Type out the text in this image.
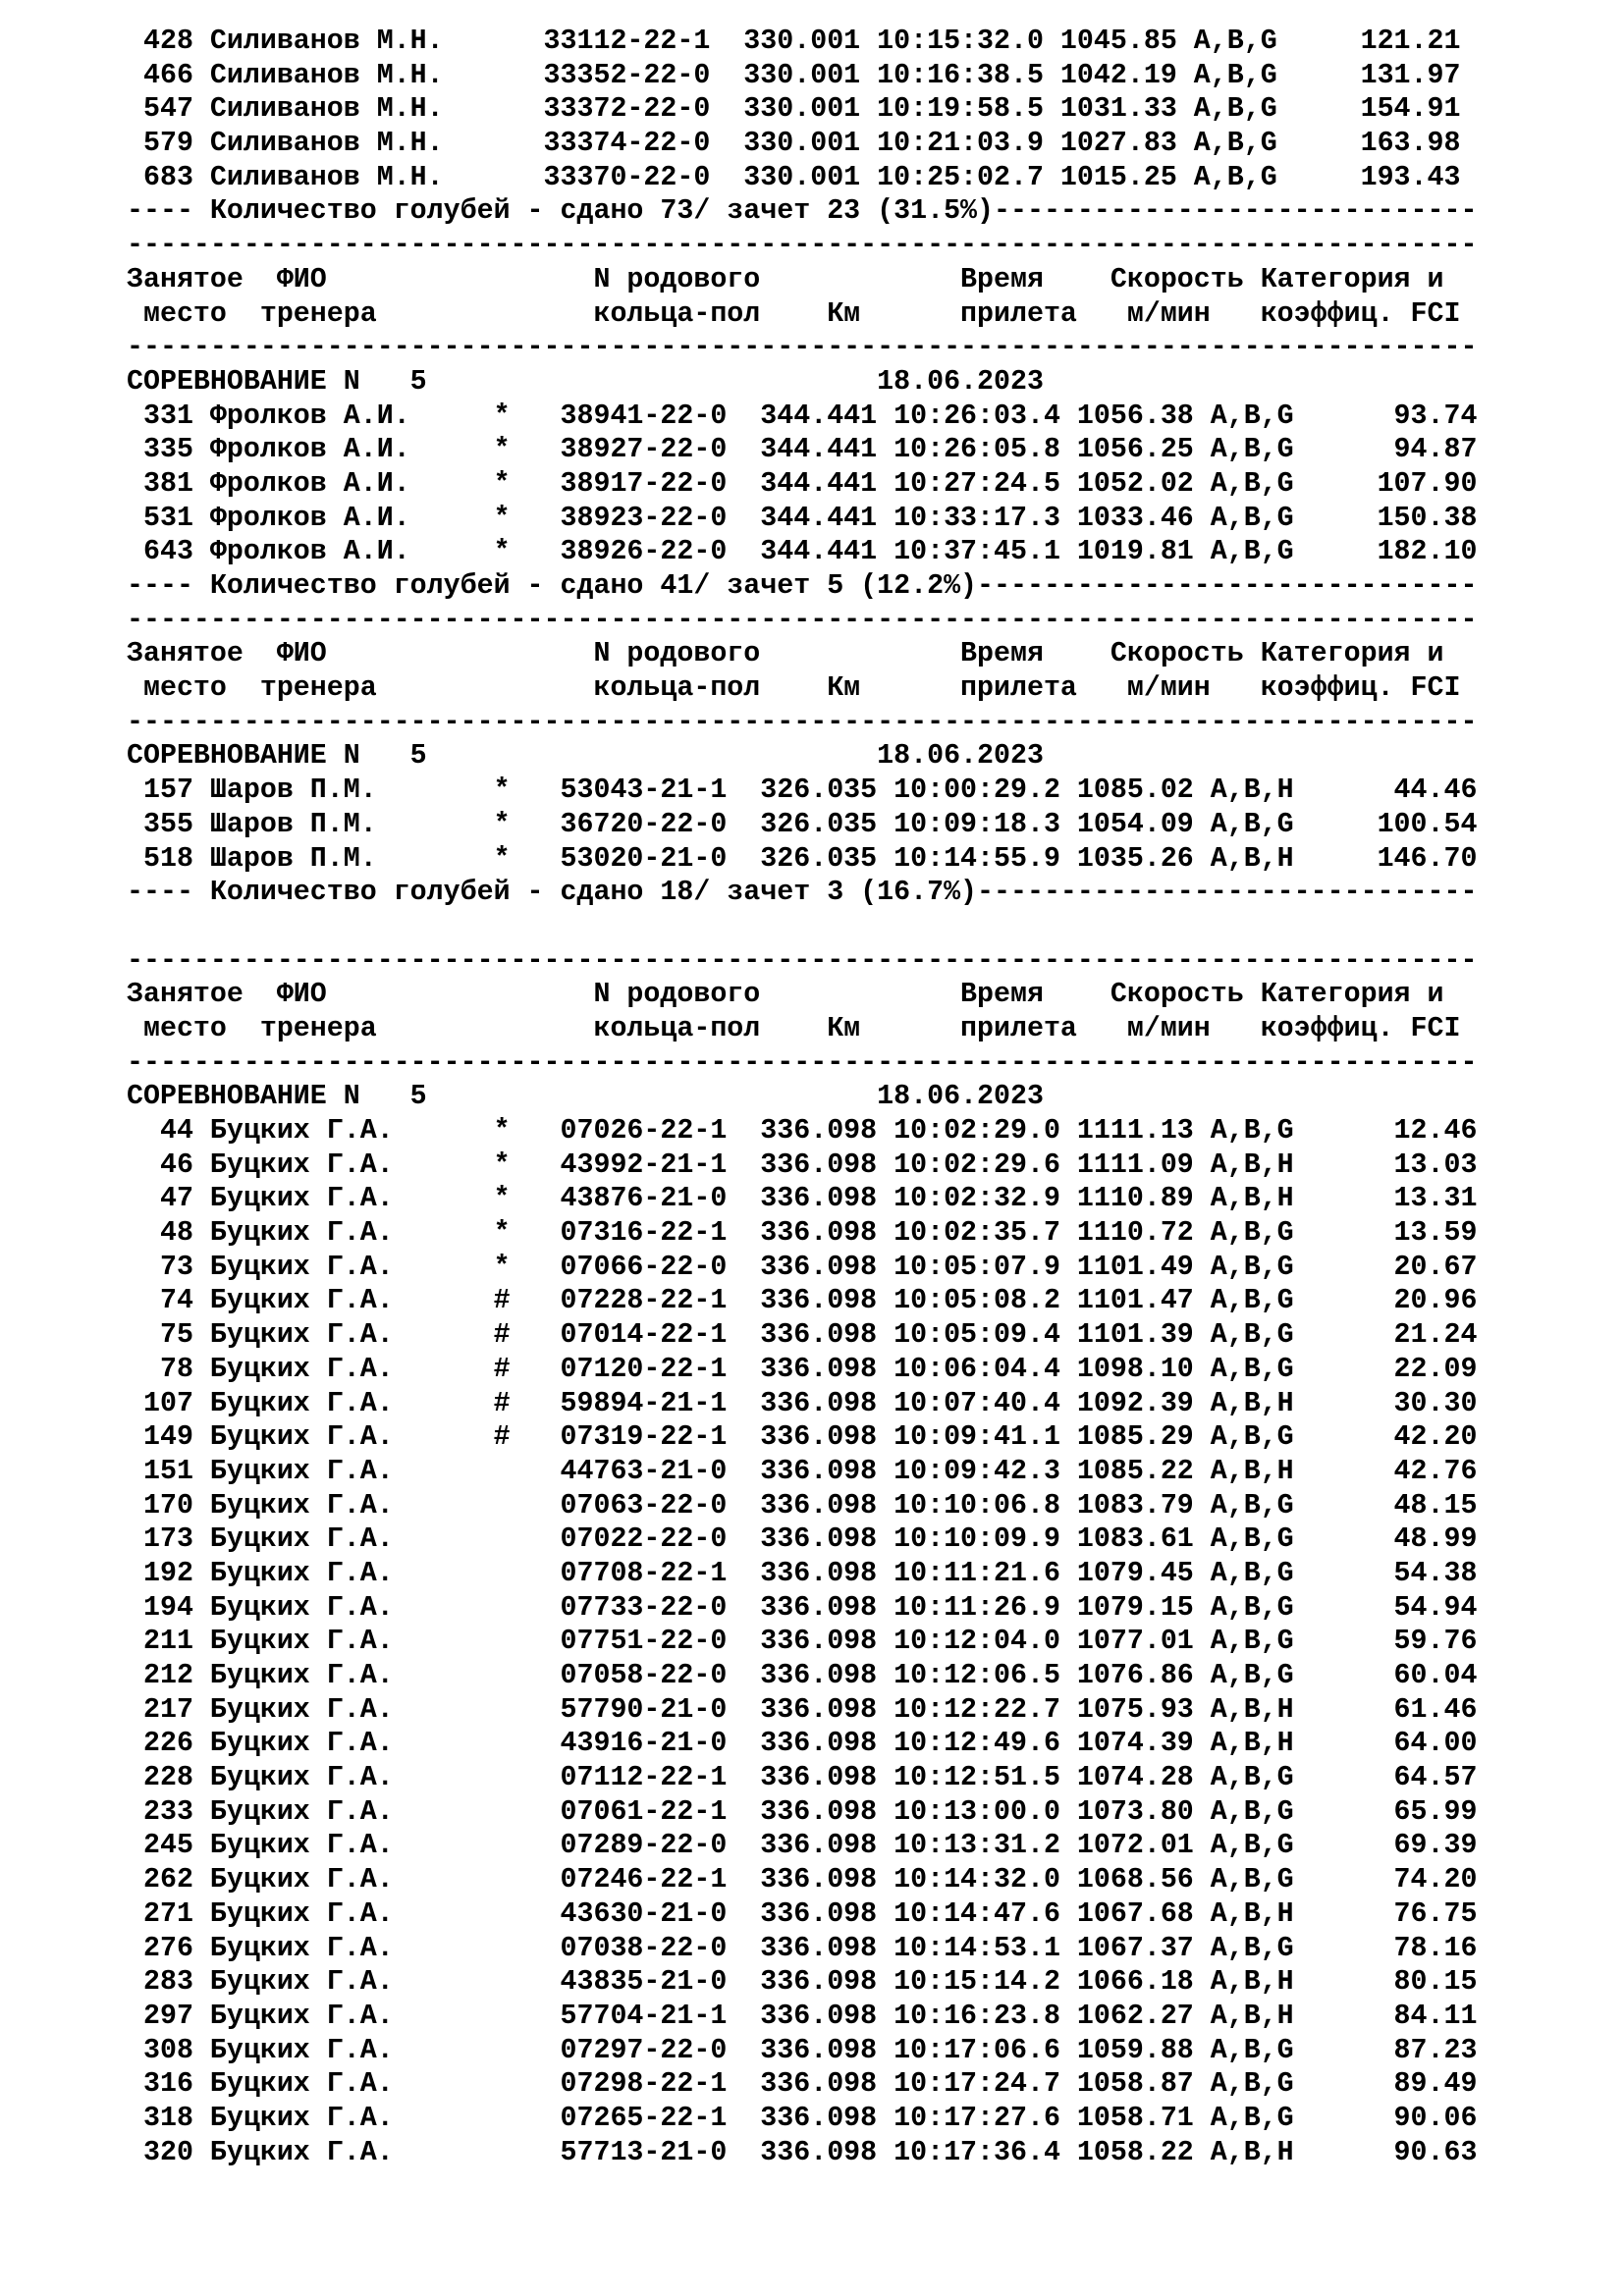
428 Силиванов М.Н.      33112-22-1  330.001 10:15:32.0 1045.85 A,B,G     121.21
466 Силиванов М.Н.      33352-22-0  330.001 10:16:38.5 1042.19 A,B,G     131.97
547 Силиванов М.Н.      33372-22-0  330.001 10:19:58.5 1031.33 A,B,G     154.91
579 Силиванов М.Н.      33374-22-0  330.001 10:21:03.9 1027.83 A,B,G     163.98
683 Силиванов М.Н.      33370-22-0  330.001 10:25:02.7 1015.25 A,B,G     193.43
---- Количество голубей - сдано 73/ зачет 23 (31.5%)-----------------------------
---------------------------------------------------------------------------------
Занятое  ФИО                N родового            Время    Скорость Категория и
место  тренера             кольца-пол    Км      прилета   м/мин   коэффиц. FCI
---------------------------------------------------------------------------------
СОРЕВНОВАНИЕ N   5                           18.06.2023
331 Фролков А.И.     *   38941-22-0  344.441 10:26:03.4 1056.38 A,B,G      93.74
335 Фролков А.И.     *   38927-22-0  344.441 10:26:05.8 1056.25 A,B,G      94.87
381 Фролков А.И.     *   38917-22-0  344.441 10:27:24.5 1052.02 A,B,G     107.90
531 Фролков А.И.     *   38923-22-0  344.441 10:33:17.3 1033.46 A,B,G     150.38
643 Фролков А.И.     *   38926-22-0  344.441 10:37:45.1 1019.81 A,B,G     182.10
---- Количество голубей - сдано 41/ зачет 5 (12.2%)------------------------------
---------------------------------------------------------------------------------
Занятое  ФИО                N родового            Время    Скорость Категория и
место  тренера             кольца-пол    Км      прилета   м/мин   коэффиц. FCI
---------------------------------------------------------------------------------
СОРЕВНОВАНИЕ N   5                           18.06.2023
157 Шаров П.М.       *   53043-21-1  326.035 10:00:29.2 1085.02 A,B,H      44.46
355 Шаров П.М.       *   36720-22-0  326.035 10:09:18.3 1054.09 A,B,G     100.54
518 Шаров П.М.       *   53020-21-0  326.035 10:14:55.9 1035.26 A,B,H     146.70
---- Количество голубей - сдано 18/ зачет 3 (16.7%)------------------------------
---------------------------------------------------------------------------------
Занятое  ФИО                N родового            Время    Скорость Категория и
место  тренера             кольца-пол    Км      прилета   м/мин   коэффиц. FCI
---------------------------------------------------------------------------------
СОРЕВНОВАНИЕ N   5                           18.06.2023
44 Буцких Г.А.      *   07026-22-1  336.098 10:02:29.0 1111.13 A,B,G      12.46
46 Буцких Г.А.      *   43992-21-1  336.098 10:02:29.6 1111.09 A,B,H      13.03
47 Буцких Г.А.      *   43876-21-0  336.098 10:02:32.9 1110.89 A,B,H      13.31
48 Буцких Г.А.      *   07316-22-1  336.098 10:02:35.7 1110.72 A,B,G      13.59
73 Буцких Г.А.      *   07066-22-0  336.098 10:05:07.9 1101.49 A,B,G      20.67
74 Буцких Г.А.      #   07228-22-1  336.098 10:05:08.2 1101.47 A,B,G      20.96
75 Буцких Г.А.      #   07014-22-1  336.098 10:05:09.4 1101.39 A,B,G      21.24
78 Буцких Г.А.      #   07120-22-1  336.098 10:06:04.4 1098.10 A,B,G      22.09
107 Буцких Г.А.      #   59894-21-1  336.098 10:07:40.4 1092.39 A,B,H      30.30
149 Буцких Г.А.      #   07319-22-1  336.098 10:09:41.1 1085.29 A,B,G      42.20
151 Буцких Г.А.          44763-21-0  336.098 10:09:42.3 1085.22 A,B,H      42.76
170 Буцких Г.А.          07063-22-0  336.098 10:10:06.8 1083.79 A,B,G      48.15
173 Буцких Г.А.          07022-22-0  336.098 10:10:09.9 1083.61 A,B,G      48.99
192 Буцких Г.А.          07708-22-1  336.098 10:11:21.6 1079.45 A,B,G      54.38
194 Буцких Г.А.          07733-22-0  336.098 10:11:26.9 1079.15 A,B,G      54.94
211 Буцких Г.А.          07751-22-0  336.098 10:12:04.0 1077.01 A,B,G      59.76
212 Буцких Г.А.          07058-22-0  336.098 10:12:06.5 1076.86 A,B,G      60.04
217 Буцких Г.А.          57790-21-0  336.098 10:12:22.7 1075.93 A,B,H      61.46
226 Буцких Г.А.          43916-21-0  336.098 10:12:49.6 1074.39 A,B,H      64.00
228 Буцких Г.А.          07112-22-1  336.098 10:12:51.5 1074.28 A,B,G      64.57
233 Буцких Г.А.          07061-22-1  336.098 10:13:00.0 1073.80 A,B,G      65.99
245 Буцких Г.А.          07289-22-0  336.098 10:13:31.2 1072.01 A,B,G      69.39
262 Буцких Г.А.          07246-22-1  336.098 10:14:32.0 1068.56 A,B,G      74.20
271 Буцких Г.А.          43630-21-0  336.098 10:14:47.6 1067.68 A,B,H      76.75
276 Буцких Г.А.          07038-22-0  336.098 10:14:53.1 1067.37 A,B,G      78.16
283 Буцких Г.А.          43835-21-0  336.098 10:15:14.2 1066.18 A,B,H      80.15
297 Буцких Г.А.          57704-21-1  336.098 10:16:23.8 1062.27 A,B,H      84.11
308 Буцких Г.А.          07297-22-0  336.098 10:17:06.6 1059.88 A,B,G      87.23
316 Буцких Г.А.          07298-22-1  336.098 10:17:24.7 1058.87 A,B,G      89.49
318 Буцких Г.А.          07265-22-1  336.098 10:17:27.6 1058.71 A,B,G      90.06
320 Буцких Г.А.          57713-21-0  336.098 10:17:36.4 1058.22 A,B,H      90.63
